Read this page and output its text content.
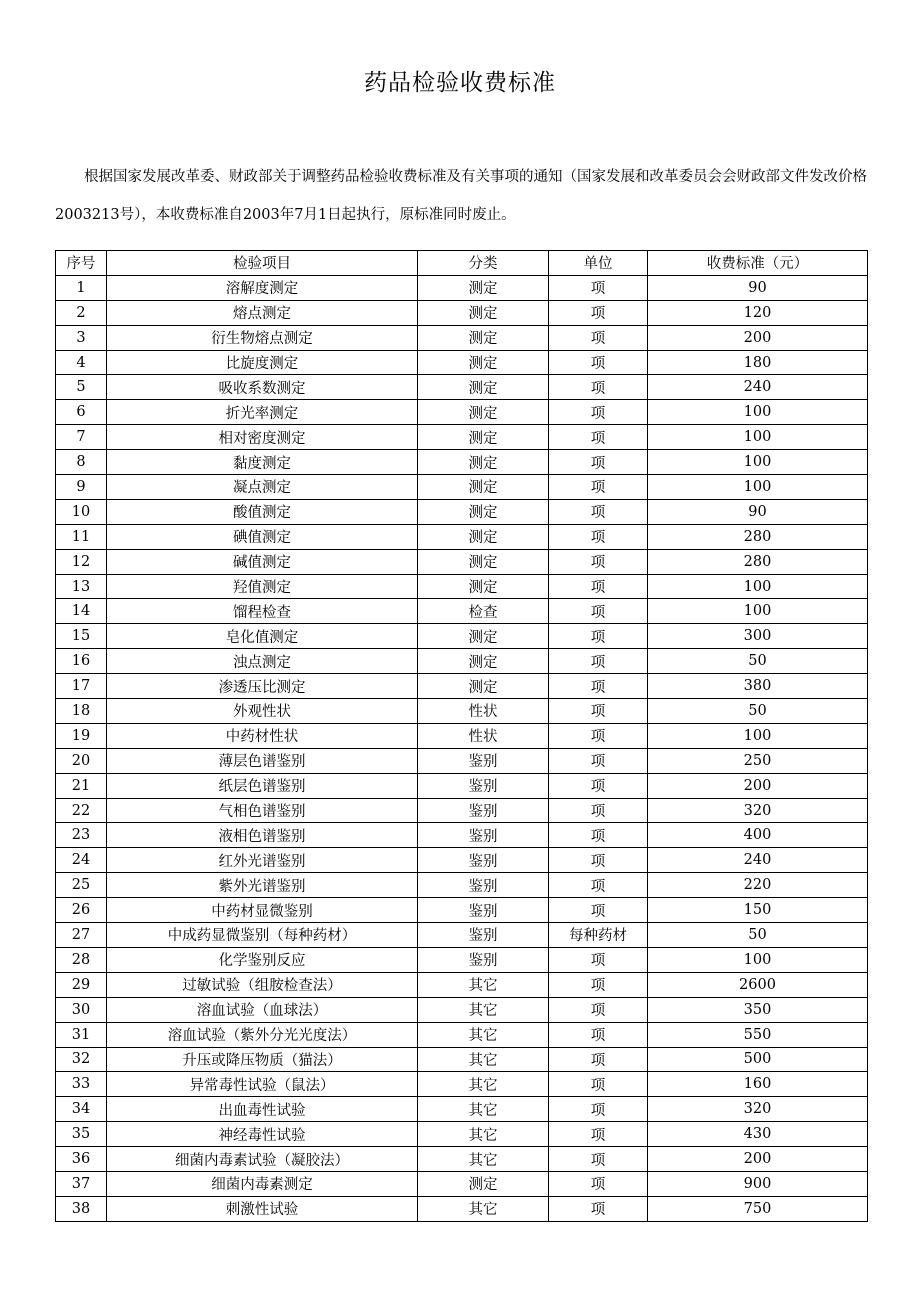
药品检验收费标准

根据国家发展改革委、财政部关于调整药品检验收费标准及有关事项的通知（国家发展和改革委员会会财政部文件发改价格2003213号），本收费标准自2003年7月1日起执行，原标准同时废止。

序号	检验项目	分类	单位	收费标准（元）
1	溶解度测定	测定	项	90
2	熔点测定	测定	项	120
3	衍生物熔点测定	测定	项	200
4	比旋度测定	测定	项	180
5	吸收系数测定	测定	项	240
6	折光率测定	测定	项	100
7	相对密度测定	测定	项	100
8	黏度测定	测定	项	100
9	凝点测定	测定	项	100
10	酸值测定	测定	项	90
11	碘值测定	测定	项	280
12	碱值测定	测定	项	280
13	羟值测定	测定	项	100
14	馏程检查	检查	项	100
15	皂化值测定	测定	项	300
16	浊点测定	测定	项	50
17	渗透压比测定	测定	项	380
18	外观性状	性状	项	50
19	中药材性状	性状	项	100
20	薄层色谱鉴别	鉴别	项	250
21	纸层色谱鉴别	鉴别	项	200
22	气相色谱鉴别	鉴别	项	320
23	液相色谱鉴别	鉴别	项	400
24	红外光谱鉴别	鉴别	项	240
25	紫外光谱鉴别	鉴别	项	220
26	中药材显微鉴别	鉴别	项	150
27	中成药显微鉴别（每种药材）	鉴别	每种药材	50
28	化学鉴别反应	鉴别	项	100
29	过敏试验（组胺检查法）	其它	项	2600
30	溶血试验（血球法）	其它	项	350
31	溶血试验（紫外分光光度法）	其它	项	550
32	升压或降压物质（猫法）	其它	项	500
33	异常毒性试验（鼠法）	其它	项	160
34	出血毒性试验	其它	项	320
35	神经毒性试验	其它	项	430
36	细菌内毒素试验（凝胶法）	其它	项	200
37	细菌内毒素测定	测定	项	900
38	刺激性试验	其它	项	750
